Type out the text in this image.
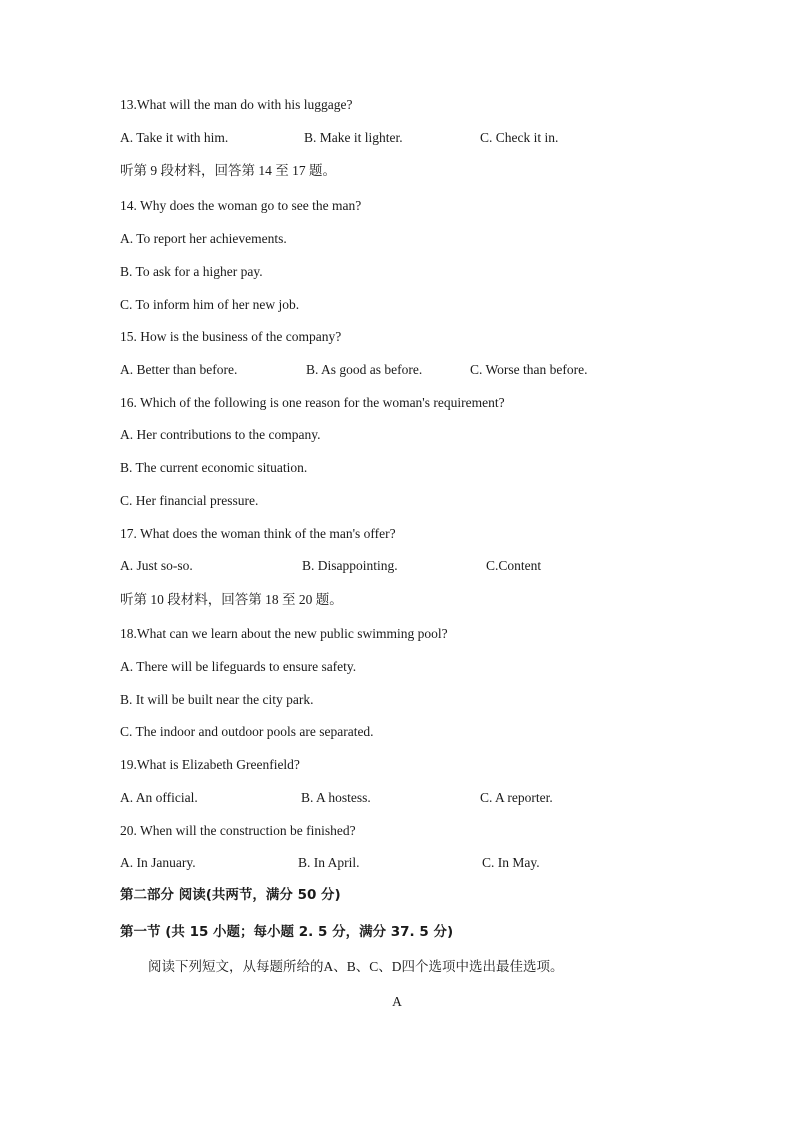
13.What will the man do with his luggage?
A. Take it with him.	B. Make it lighter.	C. Check it in.
听第 9 段材料，回答第 14 至 17 题。
14. Why does the woman go to see the man?
A. To report her achievements.
B. To ask for a higher pay.
C. To inform him of her new job.
15. How is the business of the company?
A. Better than before.	B. As good as before.	C. Worse than before.
16. Which of the following is one reason for the woman's requirement?
A. Her contributions to the company.
B. The current economic situation.
C. Her financial pressure.
17. What does the woman think of the man's offer?
A. Just so-so.	B. Disappointing.	C.Content
听第 10 段材料，回答第 18 至 20 题。
18.What can we learn about the new public swimming pool?
A. There will be lifeguards to ensure safety.
B. It will be built near the city park.
C. The indoor and outdoor pools are separated.
19.What is Elizabeth Greenfield?
A. An official.	B. A hostess.	C. A reporter.
20. When will the construction be finished?
A. In January.	B. In April.	C. In May.
第二部分 阅读(共两节，满分 50 分)
第一节 (共 15 小题；每小题 2. 5 分，满分 37. 5 分)
阅读下列短文，从每题所给的A、B、C、D四个选项中选出最佳选项。
A
